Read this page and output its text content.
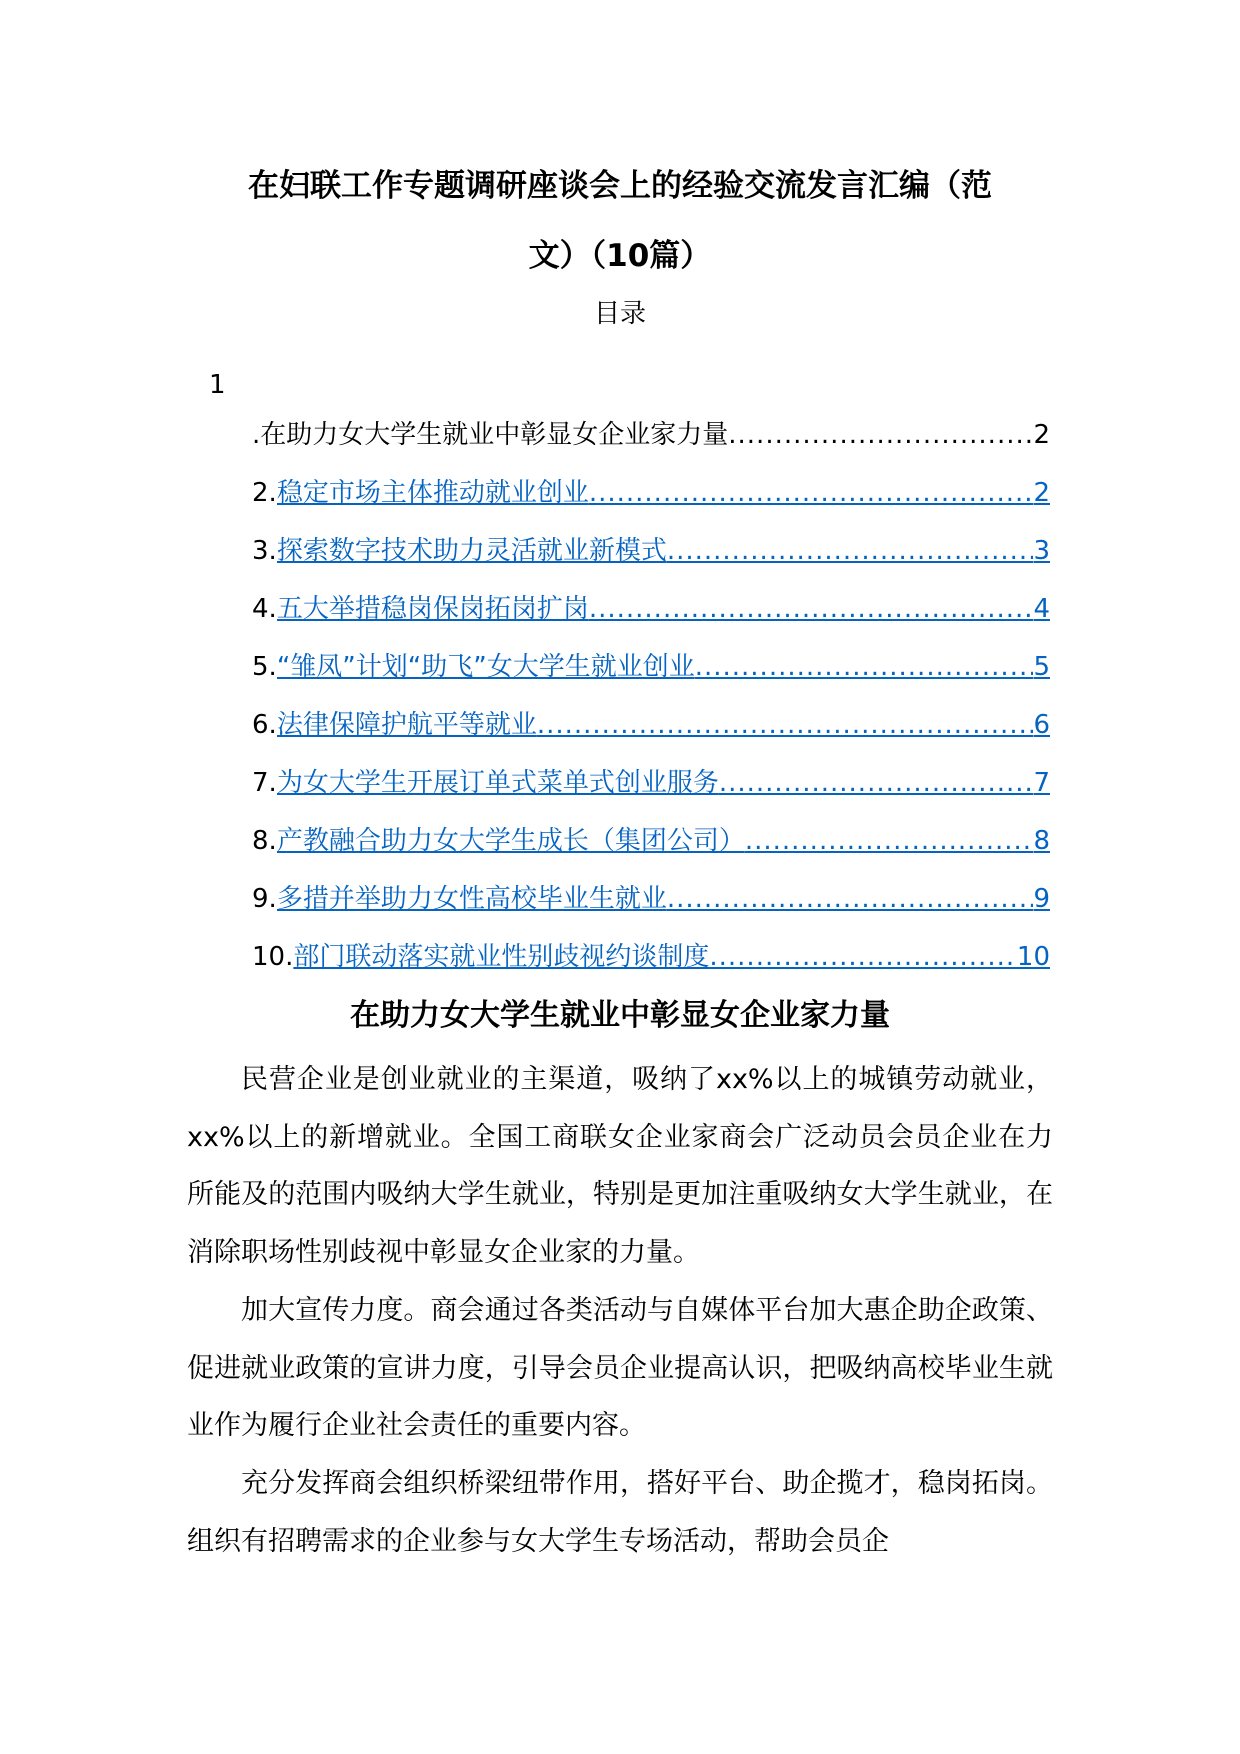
在妇联工作专题调研座谈会上的经验交流发言汇编（范
文）（10篇）
目录
1
.在助力女大学生就业中彰显女企业家力量 .....	2
2. 稳定市场主体推动就业创业 .....	2
3. 探索数字技术助力灵活就业新模式 .....	3
4. 五大举措稳岗保岗拓岗扩岗 .....	4
5. “雏凤”计划“助飞”女大学生就业创业 .....	5
6. 法律保障护航平等就业 .....	6
7. 为女大学生开展订单式菜单式创业服务 .....	7
8. 产教融合助力女大学生成长（集团公司） .....	8
9. 多措并举助力女性高校毕业生就业 .....	9
10. 部门联动落实就业性别歧视约谈制度 .....	10
在助力女大学生就业中彰显女企业家力量

民营企业是创业就业的主渠道，吸纳了xx%以上的城镇劳动就业，xx%以上的新增就业。全国工商联女企业家商会广泛动员会员企业在力所能及的范围内吸纳大学生就业，特别是更加注重吸纳女大学生就业，在消除职场性别歧视中彰显女企业家的力量。

加大宣传力度。商会通过各类活动与自媒体平台加大惠企助企政策、促进就业政策的宣讲力度，引导会员企业提高认识，把吸纳高校毕业生就业作为履行企业社会责任的重要内容。

充分发挥商会组织桥梁纽带作用，搭好平台、助企揽才，稳岗拓岗。组织有招聘需求的企业参与女大学生专场活动，帮助会员企
